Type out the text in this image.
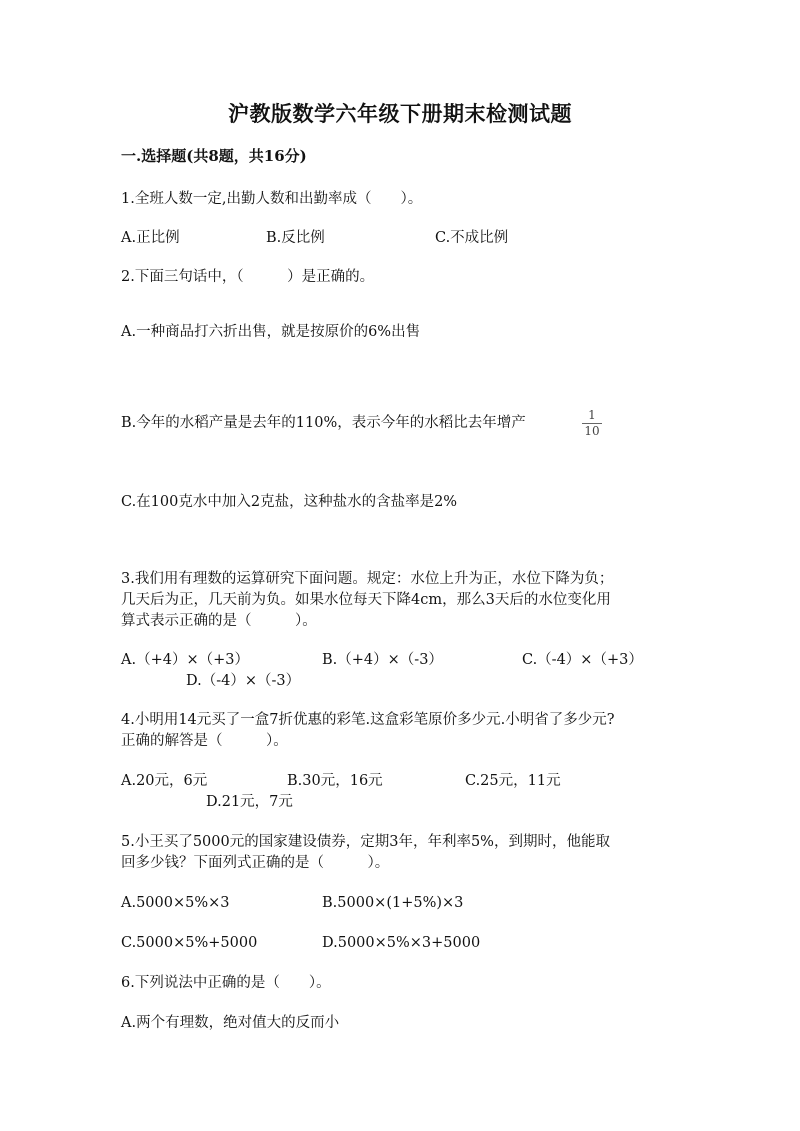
沪教版数学六年级下册期末检测试题
一.选择题(共8题，共16分)
1.全班人数一定,出勤人数和出勤率成（　　）。
A.正比例	B.反比例	C.不成比例
2.下面三句话中，（　　　）是正确的。
A.一种商品打六折出售，就是按原价的6%出售
B.今年的水稻产量是去年的110%，表示今年的水稻比去年增产	1
10
C.在100克水中加入2克盐，这种盐水的含盐率是2%
3.我们用有理数的运算研究下面问题。规定：水位上升为正，水位下降为负；
几天后为正，几天前为负。如果水位每天下降4cm，那么3天后的水位变化用
算式表示正确的是（　　　）。
A.（+4）×（+3）	B.（+4）×（-3）	C.（-4）×（+3）
D.（-4）×（-3）
4.小明用14元买了一盒7折优惠的彩笔.这盒彩笔原价多少元.小明省了多少元?
正确的解答是（　　　）。
A.20元，6元	B.30元，16元	C.25元，11元
D.21元，7元
5.小王买了5000元的国家建设债券，定期3年，年利率5%，到期时，他能取
回多少钱？下面列式正确的是（　　　）。
A.5000×5%×3	B.5000×(1+5%)×3
C.5000×5%+5000	D.5000×5%×3+5000
6.下列说法中正确的是（　　）。
A.两个有理数，绝对值大的反而小
